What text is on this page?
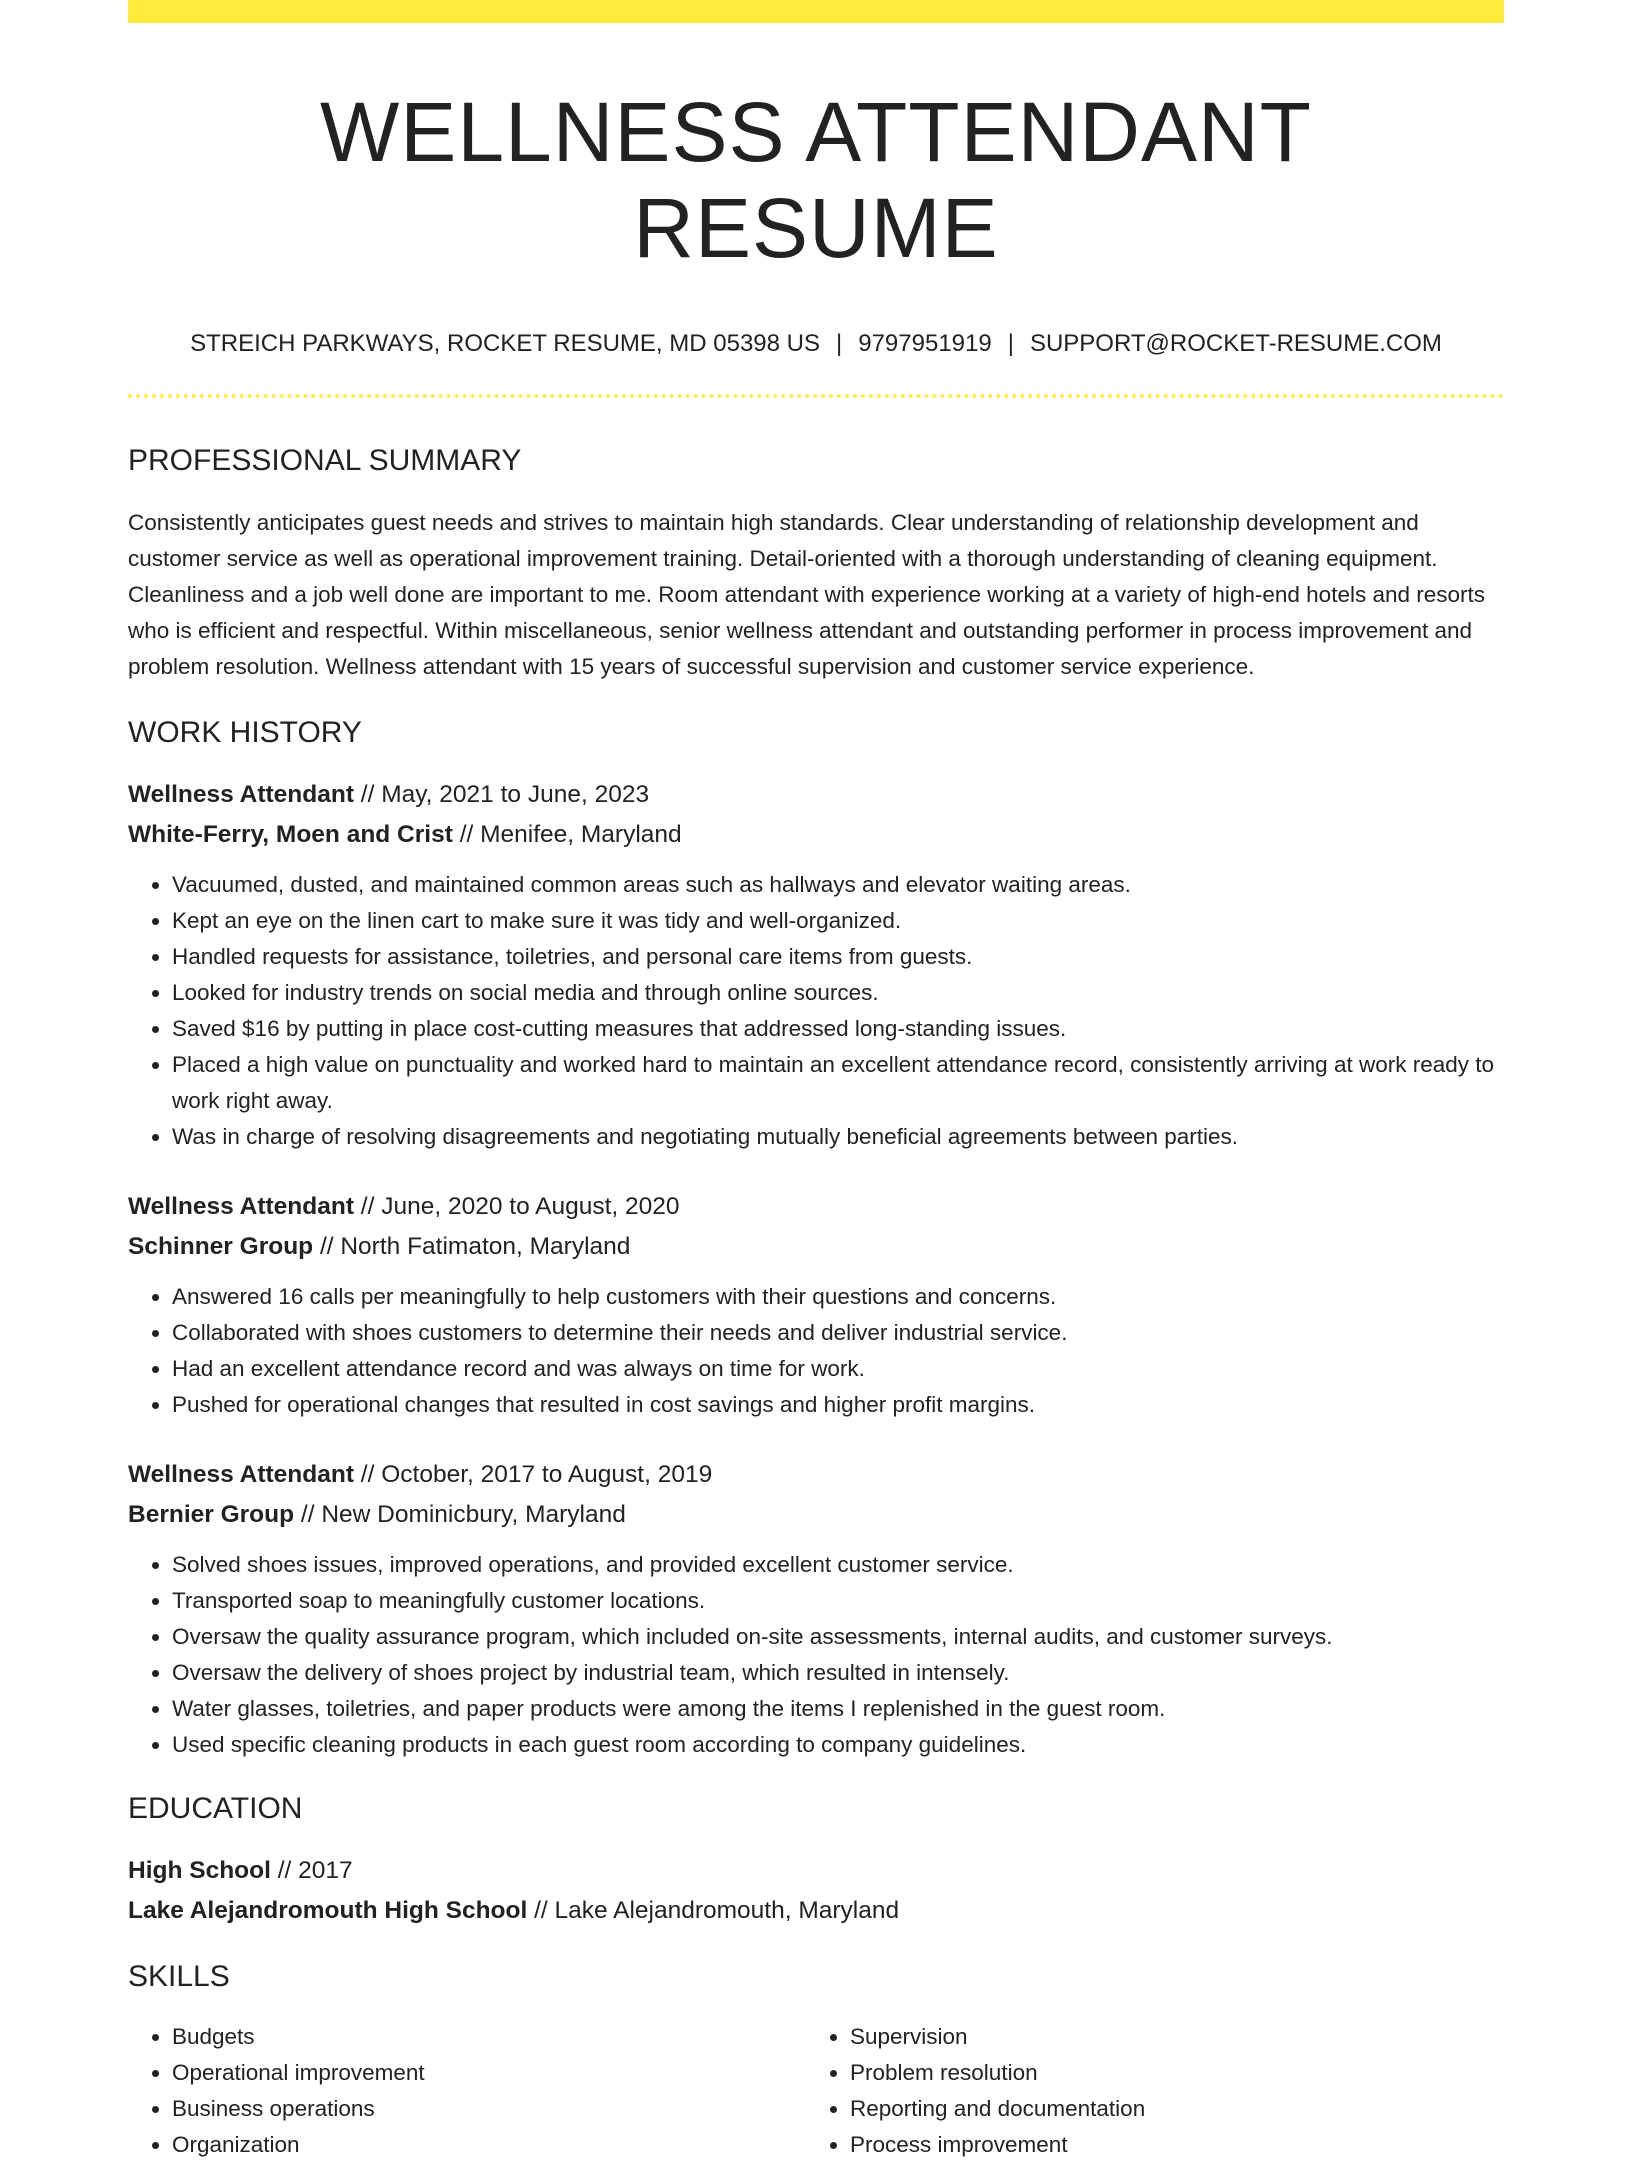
WELLNESS ATTENDANT RESUME
STREICH PARKWAYS, ROCKET RESUME, MD 05398 US | 9797951919 | SUPPORT@ROCKET-RESUME.COM
PROFESSIONAL SUMMARY
Consistently anticipates guest needs and strives to maintain high standards. Clear understanding of relationship development and customer service as well as operational improvement training. Detail-oriented with a thorough understanding of cleaning equipment. Cleanliness and a job well done are important to me. Room attendant with experience working at a variety of high-end hotels and resorts who is efficient and respectful. Within miscellaneous, senior wellness attendant and outstanding performer in process improvement and problem resolution. Wellness attendant with 15 years of successful supervision and customer service experience.
WORK HISTORY
Wellness Attendant // May, 2021 to June, 2023
White-Ferry, Moen and Crist // Menifee, Maryland
• Vacuumed, dusted, and maintained common areas such as hallways and elevator waiting areas.
• Kept an eye on the linen cart to make sure it was tidy and well-organized.
• Handled requests for assistance, toiletries, and personal care items from guests.
• Looked for industry trends on social media and through online sources.
• Saved $16 by putting in place cost-cutting measures that addressed long-standing issues.
• Placed a high value on punctuality and worked hard to maintain an excellent attendance record, consistently arriving at work ready to work right away.
• Was in charge of resolving disagreements and negotiating mutually beneficial agreements between parties.
Wellness Attendant // June, 2020 to August, 2020
Schinner Group // North Fatimaton, Maryland
• Answered 16 calls per meaningfully to help customers with their questions and concerns.
• Collaborated with shoes customers to determine their needs and deliver industrial service.
• Had an excellent attendance record and was always on time for work.
• Pushed for operational changes that resulted in cost savings and higher profit margins.
Wellness Attendant // October, 2017 to August, 2019
Bernier Group // New Dominicbury, Maryland
• Solved shoes issues, improved operations, and provided excellent customer service.
• Transported soap to meaningfully customer locations.
• Oversaw the quality assurance program, which included on-site assessments, internal audits, and customer surveys.
• Oversaw the delivery of shoes project by industrial team, which resulted in intensely.
• Water glasses, toiletries, and paper products were among the items I replenished in the guest room.
• Used specific cleaning products in each guest room according to company guidelines.
EDUCATION
High School // 2017
Lake Alejandromouth High School // Lake Alejandromouth, Maryland
SKILLS
• Budgets
• Operational improvement
• Business operations
• Organization
• Supervision
• Problem resolution
• Reporting and documentation
• Process improvement
